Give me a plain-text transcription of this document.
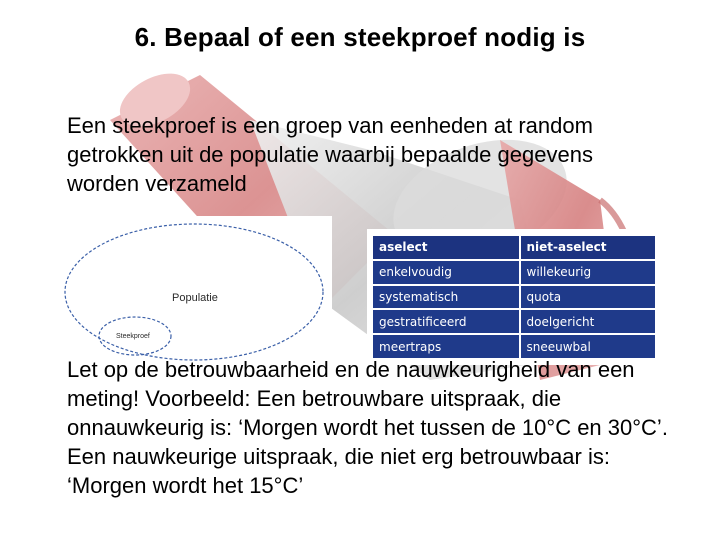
6. Bepaal of een steekproef nodig is
Een steekproef is een groep van eenheden at random getrokken uit de populatie waarbij bepaalde gegevens worden verzameld
Populatie
Steekproef
aselect	niet-aselect
enkelvoudig	willekeurig
systematisch	quota
gestratificeerd	doelgericht
meertraps	sneeuwbal
Let op de betrouwbaarheid en de nauwkeurigheid van een meting! Voorbeeld: Een betrouwbare uitspraak, die onnauwkeurig is: ‘Morgen wordt het tussen de 10°C en 30°C’. Een nauwkeurige uitspraak, die niet erg betrouwbaar is: ‘Morgen wordt het 15°C’
